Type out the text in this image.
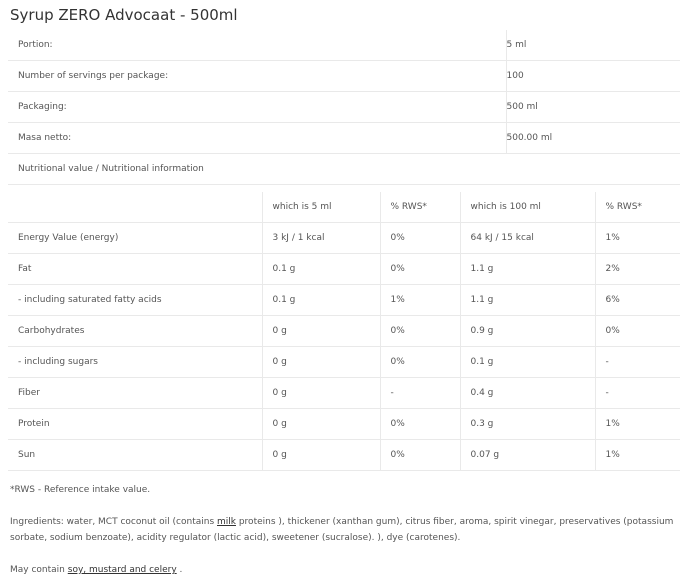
Syrup ZERO Advocaat - 500ml
Portion:	5 ml
Number of servings per package:	100
Packaging:	500 ml
Masa netto:	500.00 ml
Nutritional value / Nutritional information	
	which is 5 ml	% RWS*	which is 100 ml	% RWS*
Energy Value (energy)	3 kJ / 1 kcal	0%	64 kJ / 15 kcal	1%
Fat	0.1 g	0%	1.1 g	2%
- including saturated fatty acids	0.1 g	1%	1.1 g	6%
Carbohydrates	0 g	0%	0.9 g	0%
- including sugars	0 g	0%	0.1 g	-
Fiber	0 g	-	0.4 g	-
Protein	0 g	0%	0.3 g	1%
Sun	0 g	0%	0.07 g	1%
*RWS - Reference intake value.
Ingredients: water, MCT coconut oil (contains milk proteins ), thickener (xanthan gum), citrus fiber, aroma, spirit vinegar, preservatives (potassium sorbate, sodium benzoate), acidity regulator (lactic acid), sweetener (sucralose). ), dye (carotenes).
May contain soy, mustard and celery .
